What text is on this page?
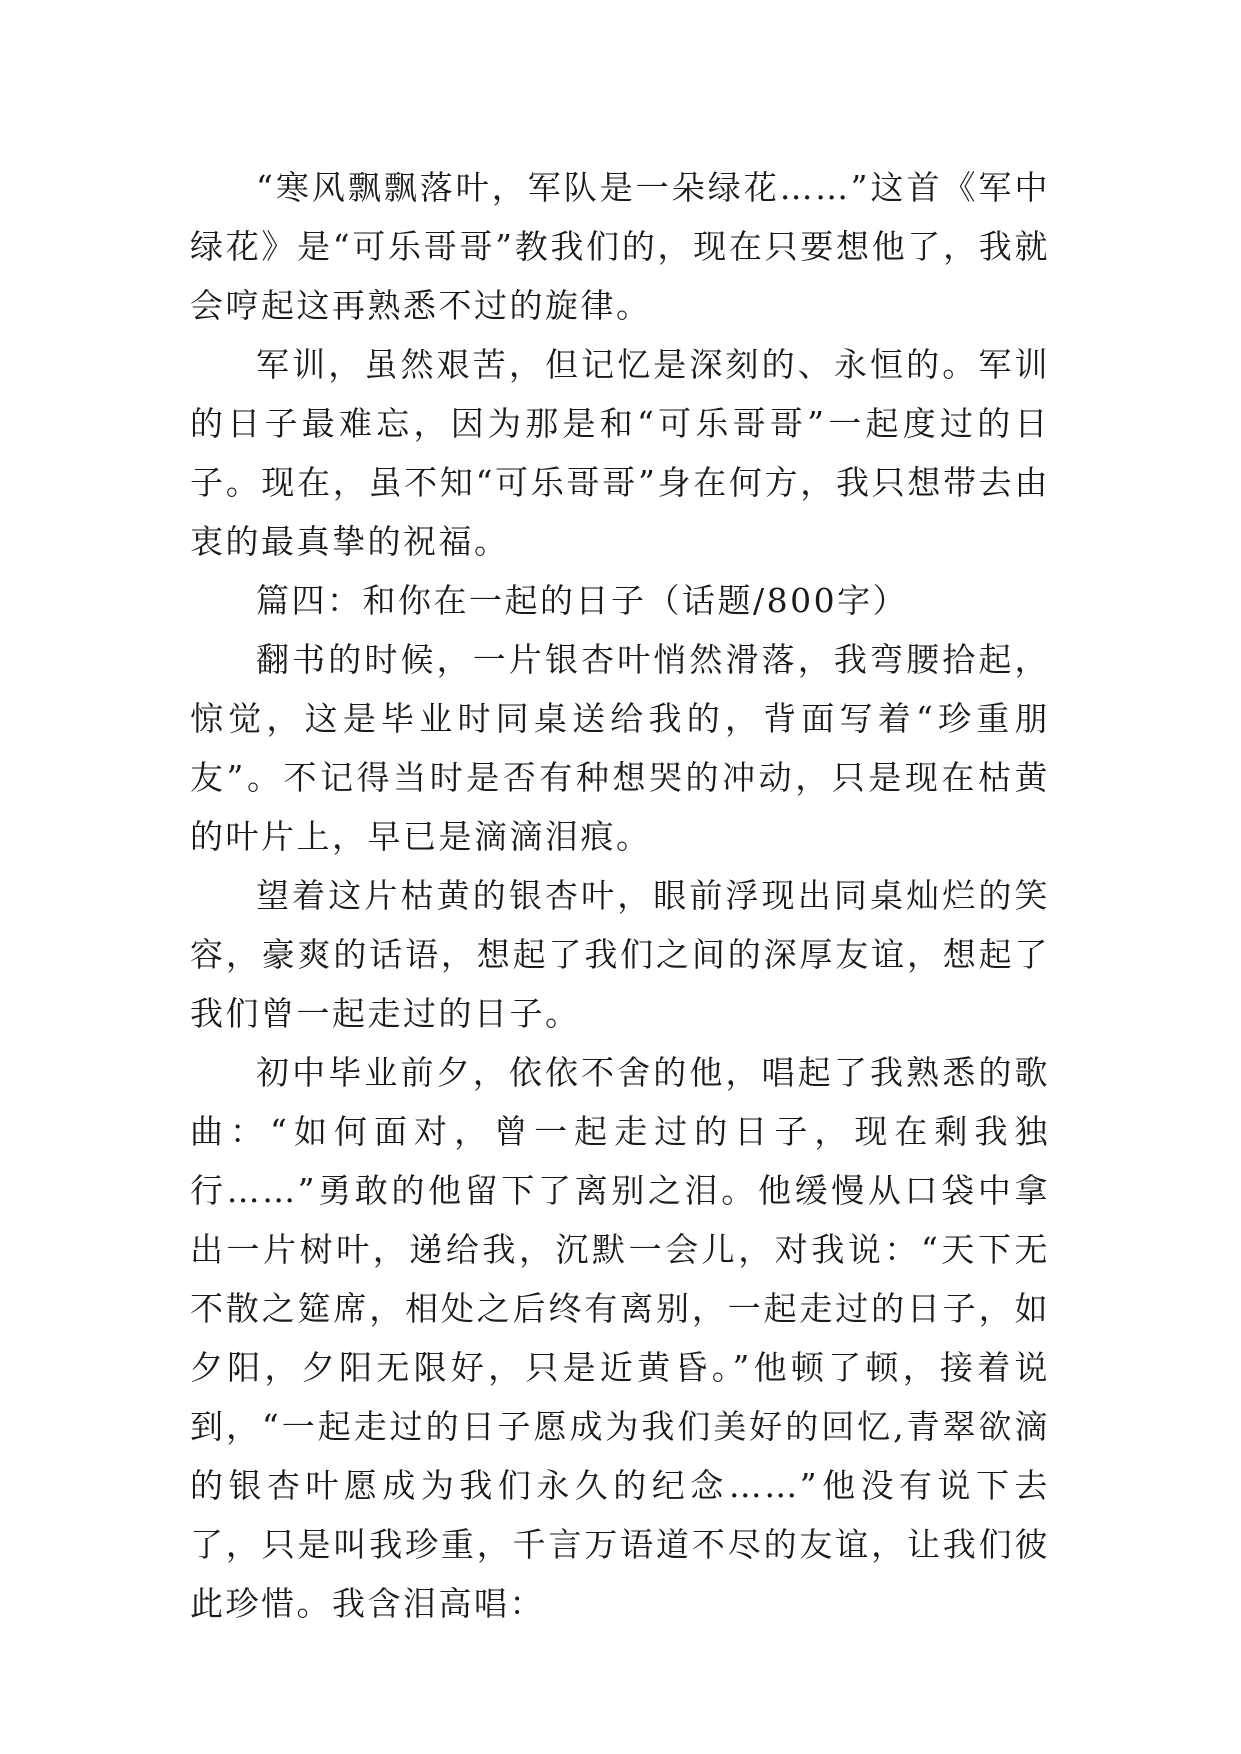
“寒风飘飘落叶，军队是一朵绿花……”这首《军中绿花》是“可乐哥哥”教我们的，现在只要想他了，我就会哼起这再熟悉不过的旋律。

军训，虽然艰苦，但记忆是深刻的、永恒的。军训的日子最难忘，因为那是和“可乐哥哥”一起度过的日子。现在，虽不知“可乐哥哥”身在何方，我只想带去由衷的最真挚的祝福。

篇四：和你在一起的日子（话题/800字）

翻书的时候，一片银杏叶悄然滑落，我弯腰拾起，惊觉，这是毕业时同桌送给我的，背面写着“珍重朋友”。不记得当时是否有种想哭的冲动，只是现在枯黄的叶片上，早已是滴滴泪痕。

望着这片枯黄的银杏叶，眼前浮现出同桌灿烂的笑容，豪爽的话语，想起了我们之间的深厚友谊，想起了我们曾一起走过的日子。

初中毕业前夕，依依不舍的他，唱起了我熟悉的歌曲：“如何面对，曾一起走过的日子，现在剩我独行……”勇敢的他留下了离别之泪。他缓慢从口袋中拿出一片树叶，递给我，沉默一会儿，对我说：“天下无不散之筵席，相处之后终有离别，一起走过的日子，如夕阳，夕阳无限好，只是近黄昏。”他顿了顿，接着说到，“一起走过的日子愿成为我们美好的回忆,青翠欲滴的银杏叶愿成为我们永久的纪念……”他没有说下去了，只是叫我珍重，千言万语道不尽的友谊，让我们彼此珍惜。我含泪高唱：
